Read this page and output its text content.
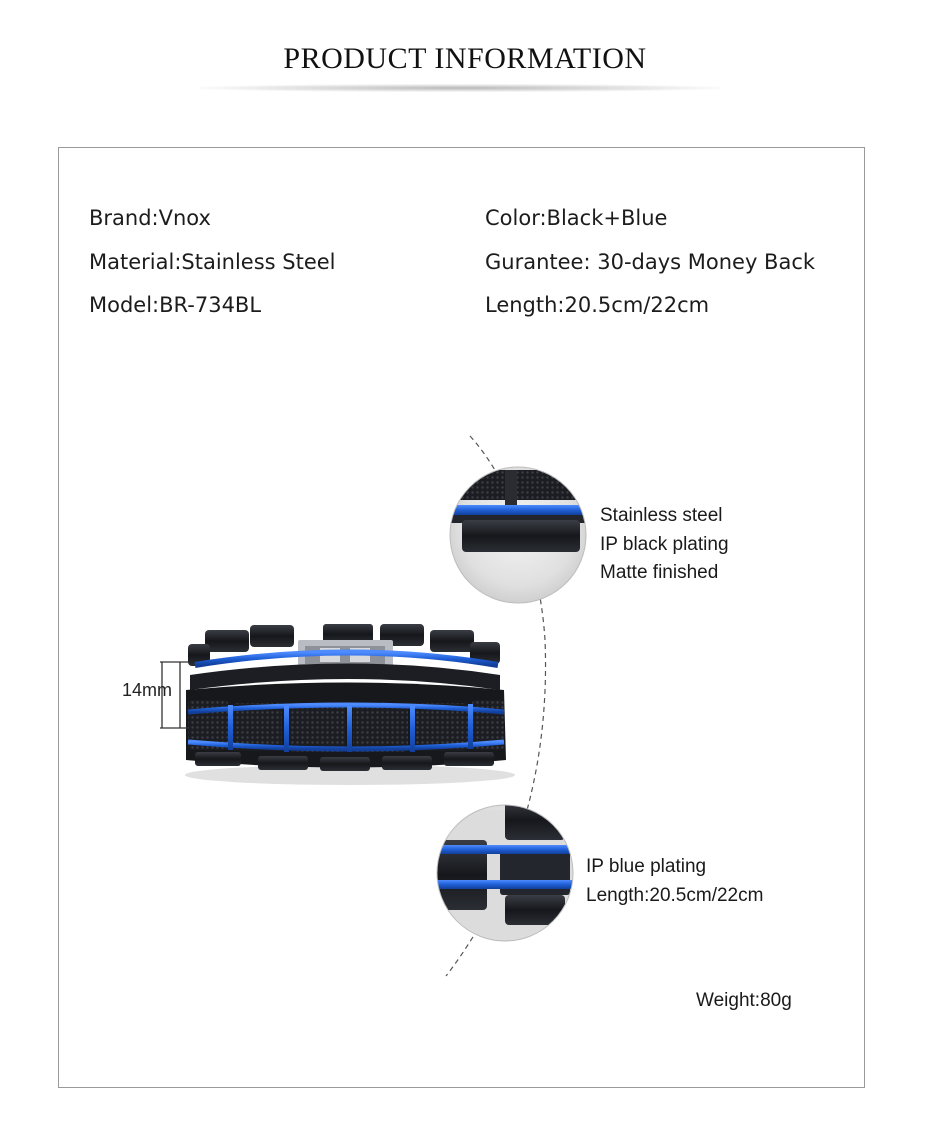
PRODUCT INFORMATION
Brand:Vnox
Material:Stainless Steel
Model:BR-734BL
Color:Black+Blue
Gurantee: 30-days Money Back
Length:20.5cm/22cm
14mm
Stainless steel
IP black plating
Matte finished
IP blue plating
Length:20.5cm/22cm
Weight:80g
